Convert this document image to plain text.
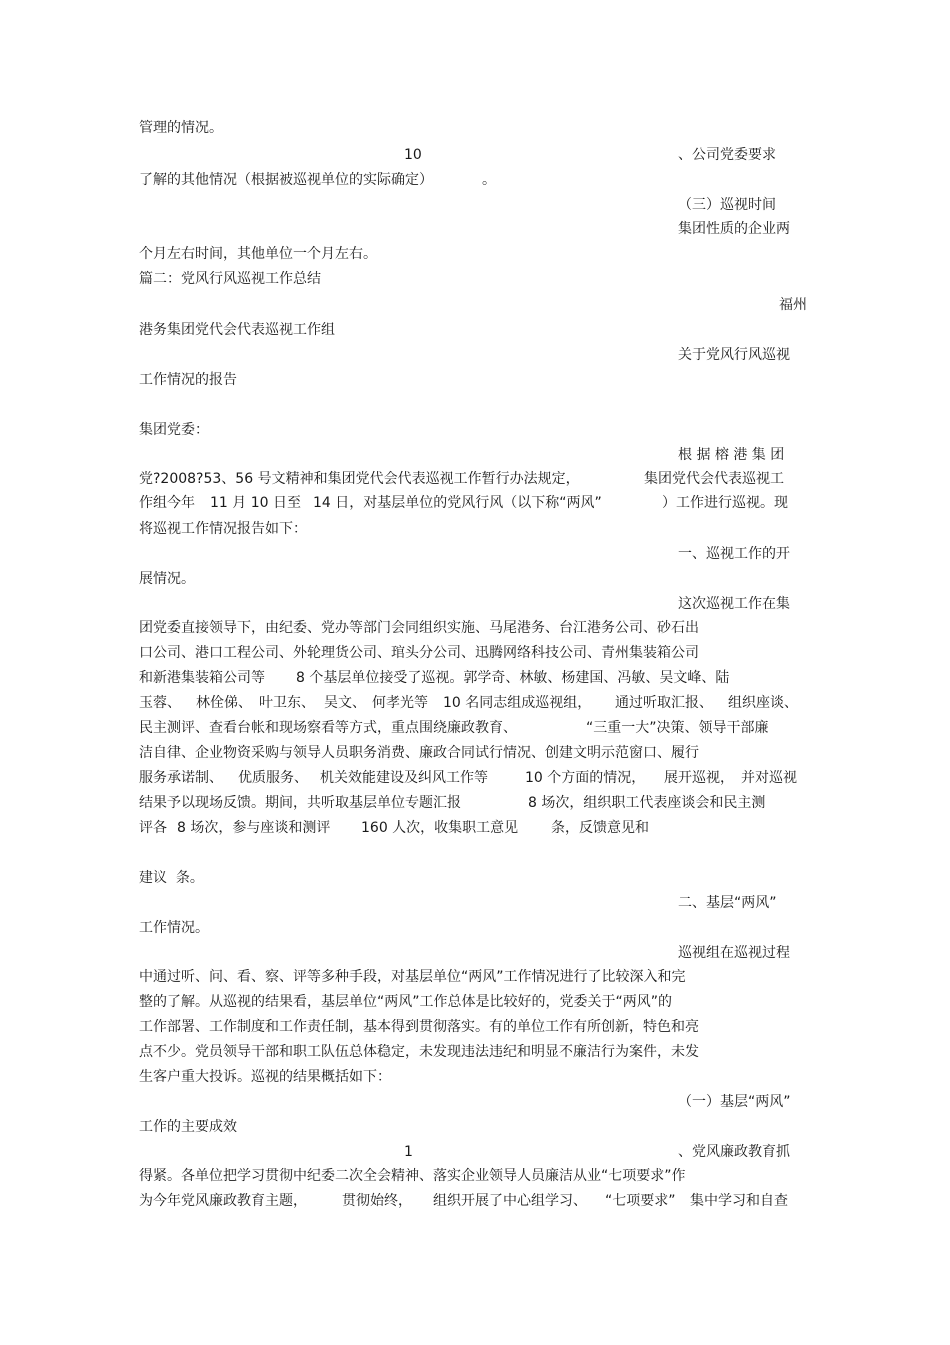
管理的情况。
10	、公司党委要求
了解的其他情况（根据被巡视单位的实际确定）	。
（三）巡视时间
集团性质的企业两
个月左右时间，其他单位一个月左右。
篇二：党风行风巡视工作总结
福州
港务集团党代会代表巡视工作组
关于党风行风巡视
工作情况的报告
集团党委：
根 据 榕 港 集 团
党?2008?53、56 号文精神和集团党代会代表巡视工作暂行办法规定，	集团党代会代表巡视工
作组今年 11 月 10 日至 14 日，对基层单位的党风行风（以下称“两风”	）工作进行巡视。现
将巡视工作情况报告如下：
一、巡视工作的开
展情况。
这次巡视工作在集
团党委直接领导下，由纪委、党办等部门会同组织实施、马尾港务、台江港务公司、砂石出
口公司、港口工程公司、外轮理货公司、琯头分公司、迅腾网络科技公司、青州集装箱公司
和新港集装箱公司等 8 个基层单位接受了巡视。郭学奇、林敏、杨建国、冯敏、吴文峰、陆
玉蓉、 林佺俤、 叶卫东、 吴文、 何孝光等 10 名同志组成巡视组， 通过听取汇报、 组织座谈、
民主测评、查看台帐和现场察看等方式，重点围绕廉政教育、	“三重一大”决策、领导干部廉
洁自律、企业物资采购与领导人员职务消费、廉政合同试行情况、创建文明示范窗口、履行
服务承诺制、 优质服务、 机关效能建设及纠风工作等	10 个方面的情况， 展开巡视， 并对巡视
结果予以现场反馈。期间，共听取基层单位专题汇报	8 场次，组织职工代表座谈会和民主测
评各 8 场次，参与座谈和测评 160 人次，收集职工意见 条，反馈意见和
建议  条。
二、基层“两风”
工作情况。
巡视组在巡视过程
中通过听、问、看、察、评等多种手段，对基层单位“两风”工作情况进行了比较深入和完
整的了解。从巡视的结果看，基层单位“两风”工作总体是比较好的，党委关于“两风”的
工作部署、工作制度和工作责任制，基本得到贯彻落实。有的单位工作有所创新，特色和亮
点不少。党员领导干部和职工队伍总体稳定，未发现违法违纪和明显不廉洁行为案件，未发
生客户重大投诉。巡视的结果概括如下：
（一）基层“两风”
工作的主要成效
1	、党风廉政教育抓
得紧。各单位把学习贯彻中纪委二次全会精神、落实企业领导人员廉洁从业“七项要求”作
为今年党风廉政教育主题，	贯彻始终， 组织开展了中心组学习、 “七项要求” 集中学习和自查
